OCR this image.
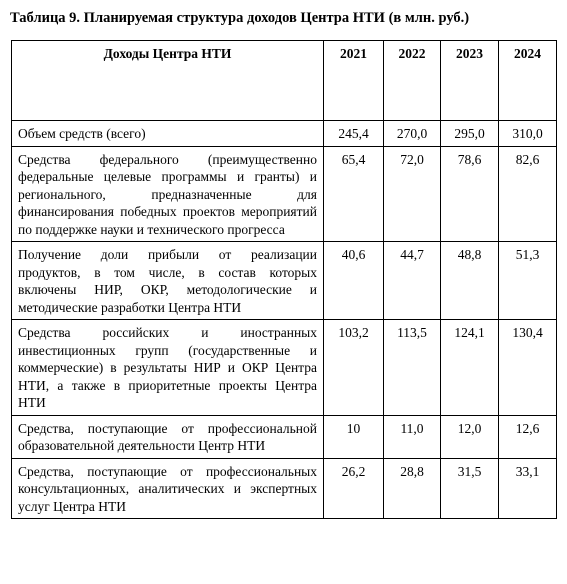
Таблица 9. Планируемая структура доходов Центра НТИ (в млн. руб.)
Доходы Центра НТИ	2021	2022	2023	2024
Объем средств (всего)	245,4	270,0	295,0	310,0
Средства федерального (преимущественно федеральные целевые программы и гранты) и регионального, предназначенные для финансирования победных проектов мероприятий по поддержке науки и технического прогресса	65,4	72,0	78,6	82,6
Получение доли прибыли от реализации продуктов, в том числе, в состав которых включены НИР, ОКР, методологические и методические разработки Центра НТИ	40,6	44,7	48,8	51,3
Средства российских и иностранных инвестиционных групп (государственные и коммерческие) в результаты НИР и ОКР Центра НТИ, а также в приоритетные проекты Центра НТИ	103,2	113,5	124,1	130,4
Средства, поступающие от профессиональной образовательной деятельности Центр НТИ	10	11,0	12,0	12,6
Средства, поступающие от профессиональных консультационных, аналитических и экспертных услуг Центра НТИ	26,2	28,8	31,5	33,1
